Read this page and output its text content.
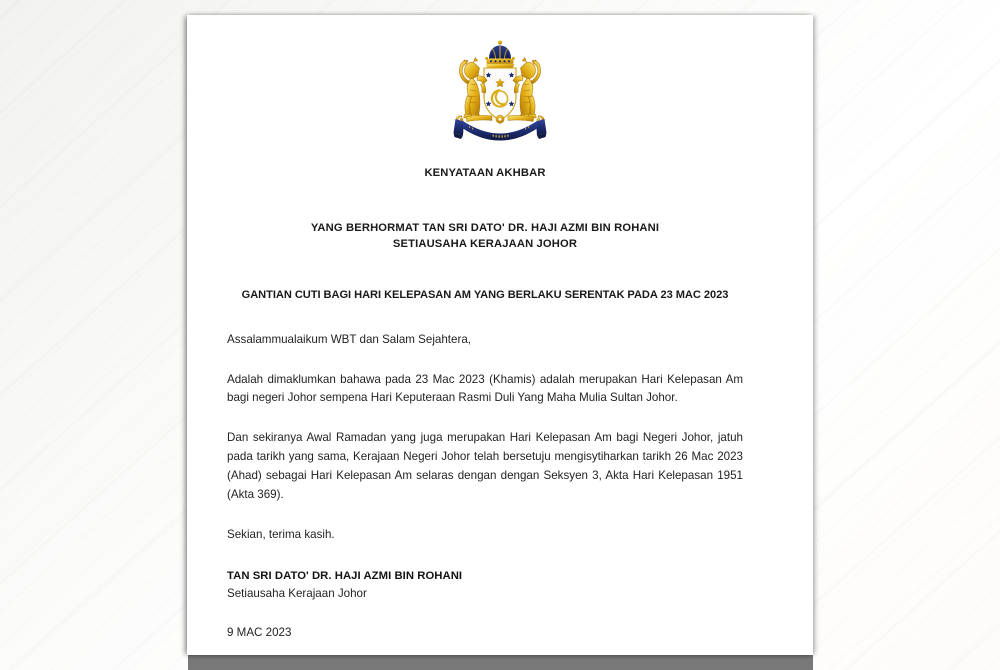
KENYATAAN AKHBAR
YANG BERHORMAT TAN SRI DATO' DR. HAJI AZMI BIN ROHANI
SETIAUSAHA KERAJAAN JOHOR
GANTIAN CUTI BAGI HARI KELEPASAN AM YANG BERLAKU SERENTAK PADA 23 MAC 2023

Assalammualaikum WBT dan Salam Sejahtera,

Adalah dimaklumkan bahawa pada 23 Mac 2023 (Khamis) adalah merupakan Hari Kelepasan Am bagi negeri Johor sempena Hari Keputeraan Rasmi Duli Yang Maha Mulia Sultan Johor.

Dan sekiranya Awal Ramadan yang juga merupakan Hari Kelepasan Am bagi Negeri Johor, jatuh pada tarikh yang sama, Kerajaan Negeri Johor telah bersetuju mengisytiharkan tarikh 26 Mac 2023 (Ahad) sebagai Hari Kelepasan Am selaras dengan dengan Seksyen 3, Akta Hari Kelepasan 1951 (Akta 369).

Sekian, terima kasih.

TAN SRI DATO' DR. HAJI AZMI BIN ROHANI
Setiausaha Kerajaan Johor
9 MAC 2023
